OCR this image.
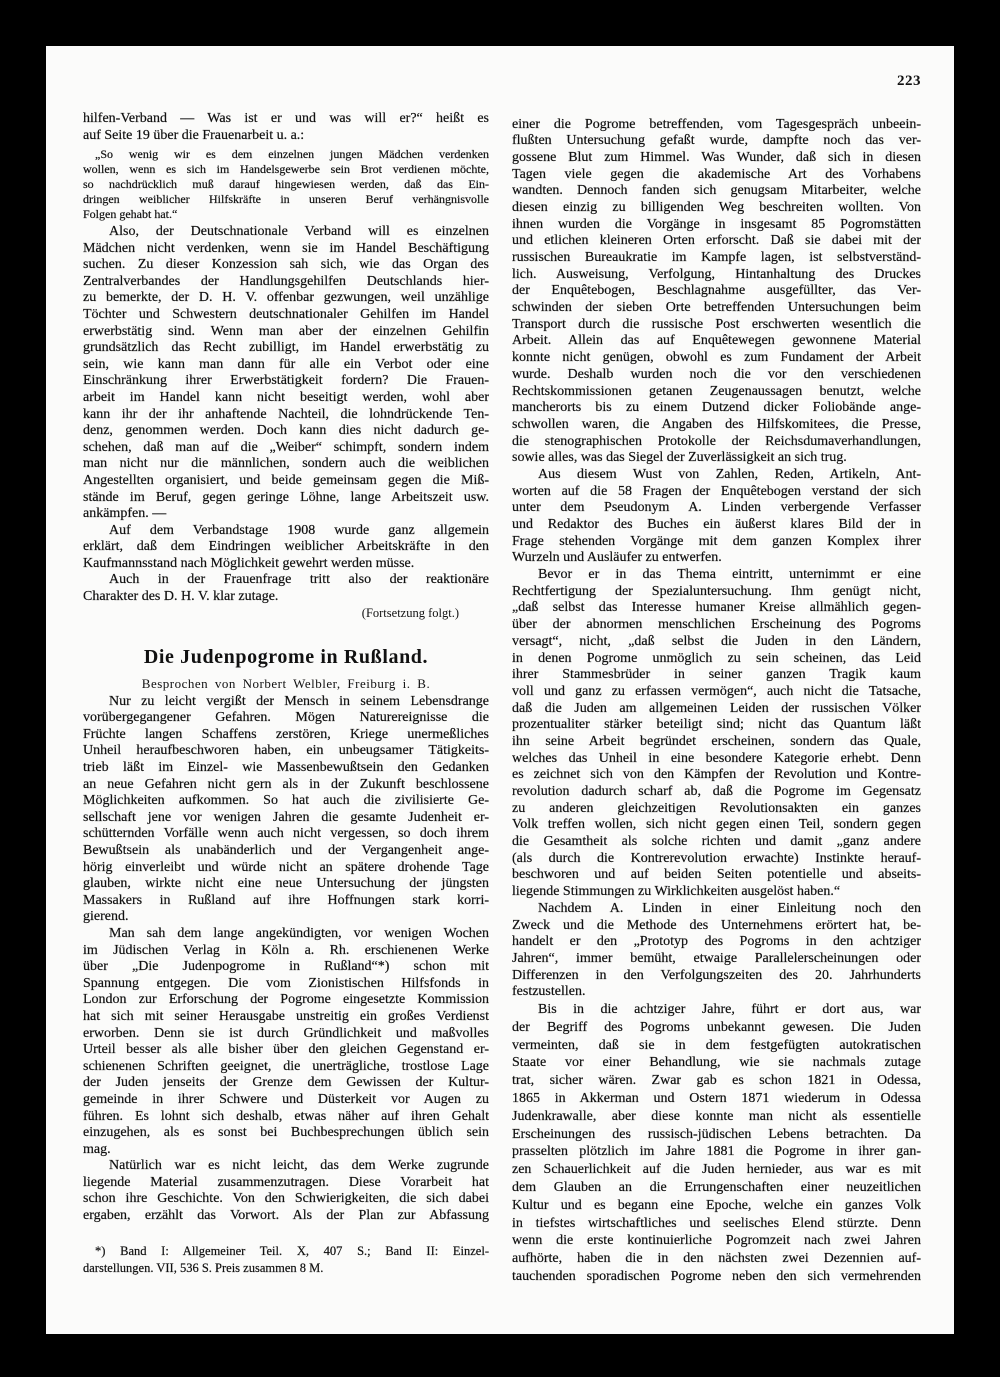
223
hilfen-Verband — Was ist er und was will er?“ heißt es
auf Seite 19 über die Frauenarbeit u. a.:
„So wenig wir es dem einzelnen jungen Mädchen verdenken
wollen, wenn es sich im Handelsgewerbe sein Brot verdienen möchte,
so nachdrücklich muß darauf hingewiesen werden, daß das Ein-
dringen weiblicher Hilfskräfte in unseren Beruf verhängnisvolle
Folgen gehabt hat.“
Also, der Deutschnationale Verband will es einzelnen
Mädchen nicht verdenken, wenn sie im Handel Beschäftigung
suchen. Zu dieser Konzession sah sich, wie das Organ des
Zentralverbandes der Handlungsgehilfen Deutschlands hier-
zu bemerkte, der D. H. V. offenbar gezwungen, weil unzählige
Töchter und Schwestern deutschnationaler Gehilfen im Handel
erwerbstätig sind. Wenn man aber der einzelnen Gehilfin
grundsätzlich das Recht zubilligt, im Handel erwerbstätig zu
sein, wie kann man dann für alle ein Verbot oder eine
Einschränkung ihrer Erwerbstätigkeit fordern? Die Frauen-
arbeit im Handel kann nicht beseitigt werden, wohl aber
kann ihr der ihr anhaftende Nachteil, die lohndrückende Ten-
denz, genommen werden. Doch kann dies nicht dadurch ge-
schehen, daß man auf die „Weiber“ schimpft, sondern indem
man nicht nur die männlichen, sondern auch die weiblichen
Angestellten organisiert, und beide gemeinsam gegen die Miß-
stände im Beruf, gegen geringe Löhne, lange Arbeitszeit usw.
ankämpfen. —
Auf dem Verbandstage 1908 wurde ganz allgemein
erklärt, daß dem Eindringen weiblicher Arbeitskräfte in den
Kaufmannsstand nach Möglichkeit gewehrt werden müsse.
Auch in der Frauenfrage tritt also der reaktionäre
Charakter des D. H. V. klar zutage.
(Fortsetzung folgt.)
Die Judenpogrome in Rußland.
Besprochen von Norbert Welbler, Freiburg i. B.
Nur zu leicht vergißt der Mensch in seinem Lebensdrange
vorübergegangener Gefahren. Mögen Naturereignisse die
Früchte langen Schaffens zerstören, Kriege unermeßliches
Unheil heraufbeschworen haben, ein unbeugsamer Tätigkeits-
trieb läßt im Einzel- wie Massenbewußtsein den Gedanken
an neue Gefahren nicht gern als in der Zukunft beschlossene
Möglichkeiten aufkommen. So hat auch die zivilisierte Ge-
sellschaft jene vor wenigen Jahren die gesamte Judenheit er-
schütternden Vorfälle wenn auch nicht vergessen, so doch ihrem
Bewußtsein als unabänderlich und der Vergangenheit ange-
hörig einverleibt und würde nicht an spätere drohende Tage
glauben, wirkte nicht eine neue Untersuchung der jüngsten
Massakers in Rußland auf ihre Hoffnungen stark korri-
gierend.
Man sah dem lange angekündigten, vor wenigen Wochen
im Jüdischen Verlag in Köln a. Rh. erschienenen Werke
über „Die Judenpogrome in Rußland“*) schon mit
Spannung entgegen. Die vom Zionistischen Hilfsfonds in
London zur Erforschung der Pogrome eingesetzte Kommission
hat sich mit seiner Herausgabe unstreitig ein großes Verdienst
erworben. Denn sie ist durch Gründlichkeit und maßvolles
Urteil besser als alle bisher über den gleichen Gegenstand er-
schienenen Schriften geeignet, die unerträgliche, trostlose Lage
der Juden jenseits der Grenze dem Gewissen der Kultur-
gemeinde in ihrer Schwere und Düsterkeit vor Augen zu
führen. Es lohnt sich deshalb, etwas näher auf ihren Gehalt
einzugehen, als es sonst bei Buchbesprechungen üblich sein
mag.
Natürlich war es nicht leicht, das dem Werke zugrunde
liegende Material zusammenzutragen. Diese Vorarbeit hat
schon ihre Geschichte. Von den Schwierigkeiten, die sich dabei
ergaben, erzählt das Vorwort. Als der Plan zur Abfassung
*) Band I: Allgemeiner Teil. X, 407 S.; Band II: Einzel-
darstellungen. VII, 536 S. Preis zusammen 8 M.
einer die Pogrome betreffenden, vom Tagesgespräch unbeein-
flußten Untersuchung gefaßt wurde, dampfte noch das ver-
gossene Blut zum Himmel. Was Wunder, daß sich in diesen
Tagen viele gegen die akademische Art des Vorhabens
wandten. Dennoch fanden sich genugsam Mitarbeiter, welche
diesen einzig zu billigenden Weg beschreiten wollten. Von
ihnen wurden die Vorgänge in insgesamt 85 Pogromstätten
und etlichen kleineren Orten erforscht. Daß sie dabei mit der
russischen Bureaukratie im Kampfe lagen, ist selbstverständ-
lich. Ausweisung, Verfolgung, Hintanhaltung des Druckes
der Enquêtebogen, Beschlagnahme ausgefüllter, das Ver-
schwinden der sieben Orte betreffenden Untersuchungen beim
Transport durch die russische Post erschwerten wesentlich die
Arbeit. Allein das auf Enquêtewegen gewonnene Material
konnte nicht genügen, obwohl es zum Fundament der Arbeit
wurde. Deshalb wurden noch die vor den verschiedenen
Rechtskommissionen getanen Zeugenaussagen benutzt, welche
mancherorts bis zu einem Dutzend dicker Foliobände ange-
schwollen waren, die Angaben des Hilfskomitees, die Presse,
die stenographischen Protokolle der Reichsdumaverhandlungen,
sowie alles, was das Siegel der Zuverlässigkeit an sich trug.
Aus diesem Wust von Zahlen, Reden, Artikeln, Ant-
worten auf die 58 Fragen der Enquêtebogen verstand der sich
unter dem Pseudonym A. Linden verbergende Verfasser
und Redaktor des Buches ein äußerst klares Bild der in
Frage stehenden Vorgänge mit dem ganzen Komplex ihrer
Wurzeln und Ausläufer zu entwerfen.
Bevor er in das Thema eintritt, unternimmt er eine
Rechtfertigung der Spezialuntersuchung. Ihm genügt nicht,
„daß selbst das Interesse humaner Kreise allmählich gegen-
über der abnormen menschlichen Erscheinung des Pogroms
versagt“, nicht, „daß selbst die Juden in den Ländern,
in denen Pogrome unmöglich zu sein scheinen, das Leid
ihrer Stammesbrüder in seiner ganzen Tragik kaum
voll und ganz zu erfassen vermögen“, auch nicht die Tatsache,
daß die Juden am allgemeinen Leiden der russischen Völker
prozentualiter stärker beteiligt sind; nicht das Quantum läßt
ihn seine Arbeit begründet erscheinen, sondern das Quale,
welches das Unheil in eine besondere Kategorie erhebt. Denn
es zeichnet sich von den Kämpfen der Revolution und Kontre-
revolution dadurch scharf ab, daß die Pogrome im Gegensatz
zu anderen gleichzeitigen Revolutionsakten ein ganzes
Volk treffen wollen, sich nicht gegen einen Teil, sondern gegen
die Gesamtheit als solche richten und damit „ganz andere
(als durch die Kontrerevolution erwachte) Instinkte herauf-
beschworen und auf beiden Seiten potentielle und abseits-
liegende Stimmungen zu Wirklichkeiten ausgelöst haben.“
Nachdem A. Linden in einer Einleitung noch den
Zweck und die Methode des Unternehmens erörtert hat, be-
handelt er den „Prototyp des Pogroms in den achtziger
Jahren“, immer bemüht, etwaige Parallelerscheinungen oder
Differenzen in den Verfolgungszeiten des 20. Jahrhunderts
festzustellen.
Bis in die achtziger Jahre, führt er dort aus, war
der Begriff des Pogroms unbekannt gewesen. Die Juden
vermeinten, daß sie in dem festgefügten autokratischen
Staate vor einer Behandlung, wie sie nachmals zutage
trat, sicher wären. Zwar gab es schon 1821 in Odessa,
1865 in Akkerman und Ostern 1871 wiederum in Odessa
Judenkrawalle, aber diese konnte man nicht als essentielle
Erscheinungen des russisch-jüdischen Lebens betrachten. Da
prasselten plötzlich im Jahre 1881 die Pogrome in ihrer gan-
zen Schauerlichkeit auf die Juden hernieder, aus war es mit
dem Glauben an die Errungenschaften einer neuzeitlichen
Kultur und es begann eine Epoche, welche ein ganzes Volk
in tiefstes wirtschaftliches und seelisches Elend stürzte. Denn
wenn die erste kontinuierliche Pogromzeit nach zwei Jahren
aufhörte, haben die in den nächsten zwei Dezennien auf-
tauchenden sporadischen Pogrome neben den sich vermehrenden
